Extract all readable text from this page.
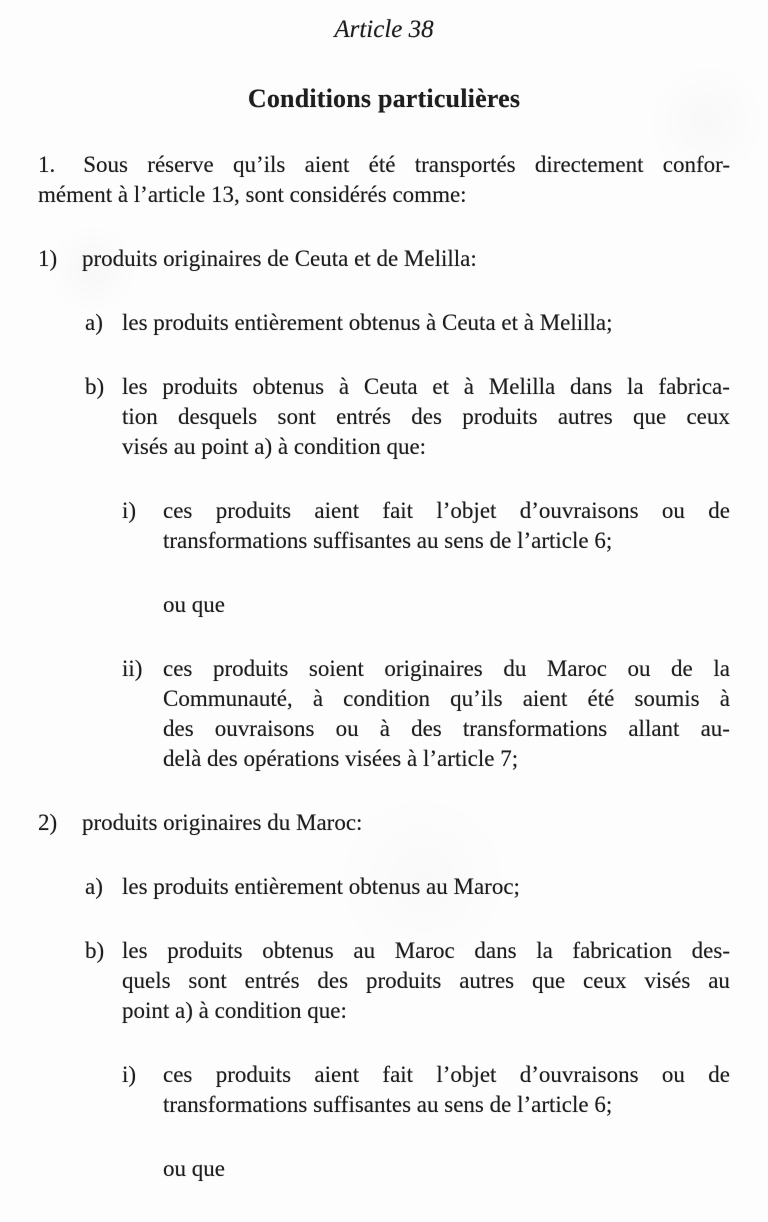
Article 38
Conditions particulières
1. Sous réserve qu’ils aient été transportés directement confor-
mément à l’article 13, sont considérés comme:
1)	produits originaires de Ceuta et de Melilla:
a) les produits entièrement obtenus à Ceuta et à Melilla;
b) les produits obtenus à Ceuta et à Melilla dans la fabrica-
tion desquels sont entrés des produits autres que ceux
visés au point a) à condition que:
i)	ces produits aient fait l’objet d’ouvraisons ou de
transformations suffisantes au sens de l’article 6;
ou que
ii) ces produits soient originaires du Maroc ou de la
Communauté, à condition qu’ils aient été soumis à
des ouvraisons ou à des transformations allant au-
delà des opérations visées à l’article 7;
2)	produits originaires du Maroc:
a) les produits entièrement obtenus au Maroc;
b) les produits obtenus au Maroc dans la fabrication des-
quels sont entrés des produits autres que ceux visés au
point a) à condition que:
i)	ces produits aient fait l’objet d’ouvraisons ou de
transformations suffisantes au sens de l’article 6;
ou que
